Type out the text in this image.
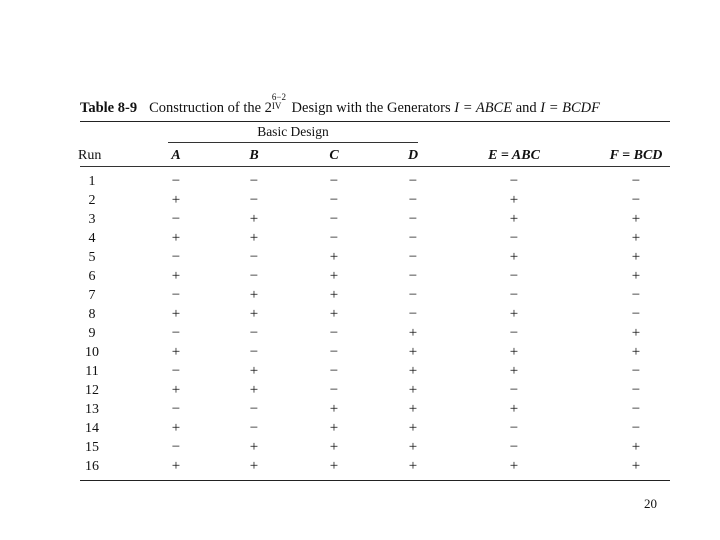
Table 8-9 Construction of the 2
6−2
IV Design with the Generators I = ABCE and I = BCDF
Basic Design
Run	A	B	C	D	E = ABC	F = BCD
1	−	−	−	−	−	−
2	+	−	−	−	+	−
3	−	+	−	−	+	+
4	+	+	−	−	−	+
5	−	−	+	−	+	+
6	+	−	+	−	−	+
7	−	+	+	−	−	−
8	+	+	+	−	+	−
9	−	−	−	+	−	+
10	+	−	−	+	+	+
11	−	+	−	+	+	−
12	+	+	−	+	−	−
13	−	−	+	+	+	−
14	+	−	+	+	−	−
15	−	+	+	+	−	+
16	+	+	+	+	+	+
20
